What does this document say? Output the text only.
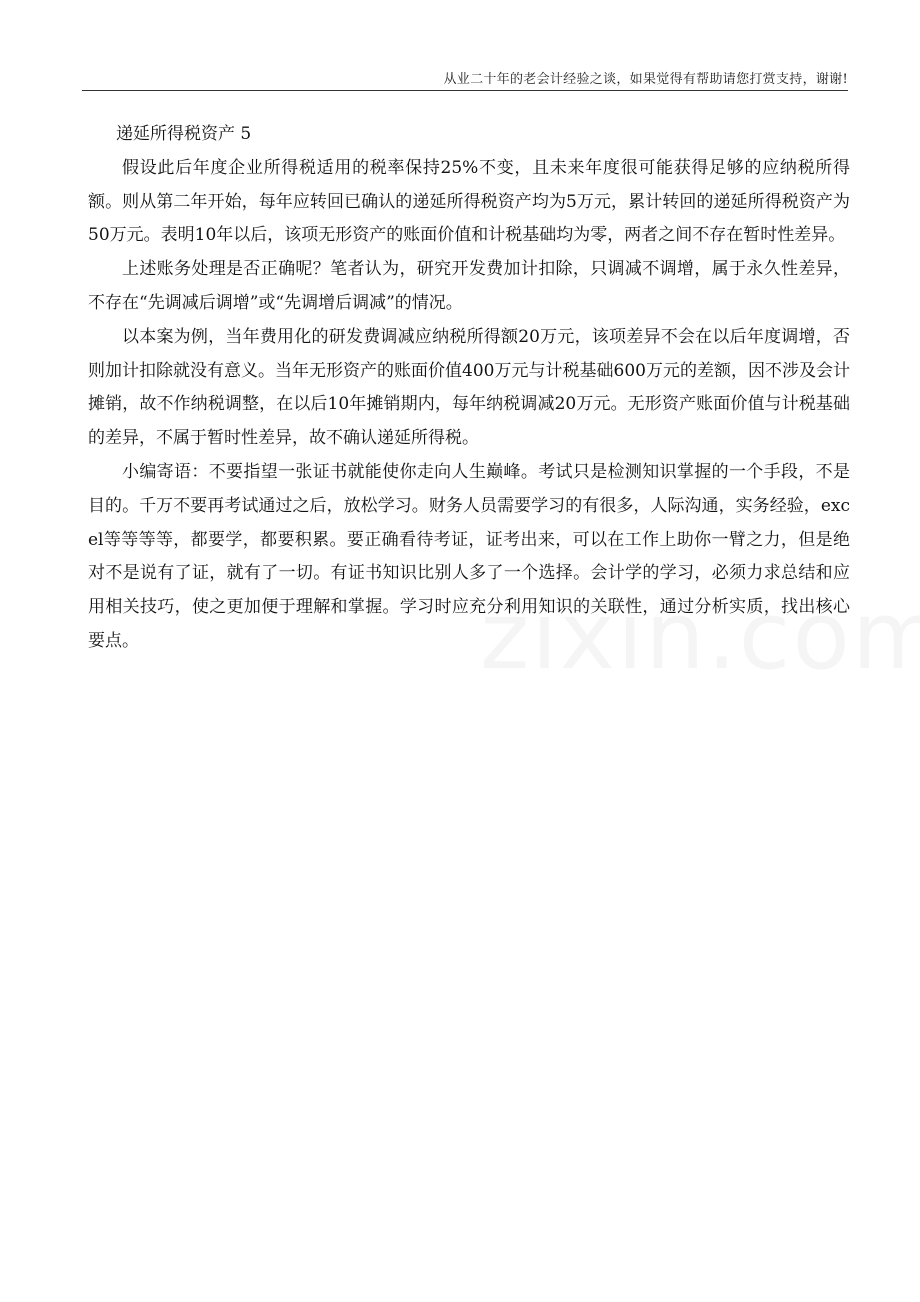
从业二十年的老会计经验之谈，如果觉得有帮助请您打赏支持，谢谢!

递延所得税资产 5

假设此后年度企业所得税适用的税率保持25%不变，且未来年度很可能获得足够的应纳税所得额。则从第二年开始，每年应转回已确认的递延所得税资产均为5万元，累计转回的递延所得税资产为50万元。表明10年以后，该项无形资产的账面价值和计税基础均为零，两者之间不存在暂时性差异。

上述账务处理是否正确呢？笔者认为，研究开发费加计扣除，只调减不调增，属于永久性差异，不存在“先调减后调增”或“先调增后调减”的情况。

以本案为例，当年费用化的研发费调减应纳税所得额20万元，该项差异不会在以后年度调增，否则加计扣除就没有意义。当年无形资产的账面价值400万元与计税基础600万元的差额，因不涉及会计摊销，故不作纳税调整，在以后10年摊销期内，每年纳税调减20万元。无形资产账面价值与计税基础的差异，不属于暂时性差异，故不确认递延所得税。

小编寄语：不要指望一张证书就能使你走向人生巅峰。考试只是检测知识掌握的一个手段，不是目的。千万不要再考试通过之后，放松学习。财务人员需要学习的有很多，人际沟通，实务经验，excel等等等等，都要学，都要积累。要正确看待考证，证考出来，可以在工作上助你一臂之力，但是绝对不是说有了证，就有了一切。有证书知识比别人多了一个选择。会计学的学习，必须力求总结和应用相关技巧，使之更加便于理解和掌握。学习时应充分利用知识的关联性，通过分析实质，找出核心要点。
